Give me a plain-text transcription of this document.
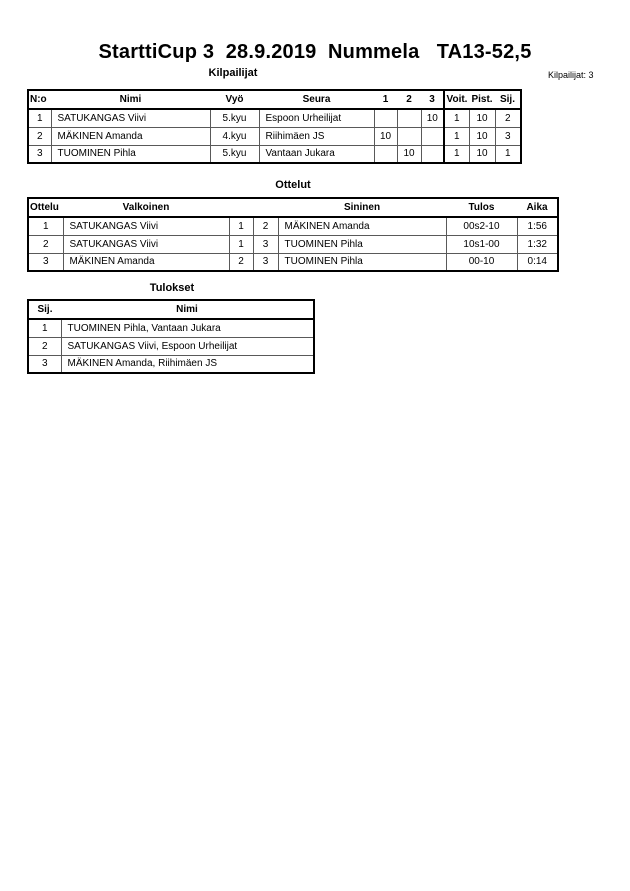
StarttiCup 3  28.9.2019  Nummela   TA13-52,5
Kilpailijat	Kilpailijat: 3
N:o	Nimi	Vyö	Seura	1	2	3	Voit.	Pist.	Sij.
1	SATUKANGAS Viivi	5.kyu	Espoon Urheilijat			10	1	10	2
2	MÄKINEN Amanda	4.kyu	Riihimäen JS	10			1	10	3
3	TUOMINEN Pihla	5.kyu	Vantaan Jukara		10		1	10	1
Ottelut
Ottelu	Valkoinen			Sininen	Tulos	Aika
1	SATUKANGAS Viivi	1	2	MÄKINEN Amanda	00s2-10	1:56
2	SATUKANGAS Viivi	1	3	TUOMINEN Pihla	10s1-00	1:32
3	MÄKINEN Amanda	2	3	TUOMINEN Pihla	00-10	0:14
Tulokset
Sij.	Nimi
1	TUOMINEN Pihla, Vantaan Jukara
2	SATUKANGAS Viivi, Espoon Urheilijat
3	MÄKINEN Amanda, Riihimäen JS
